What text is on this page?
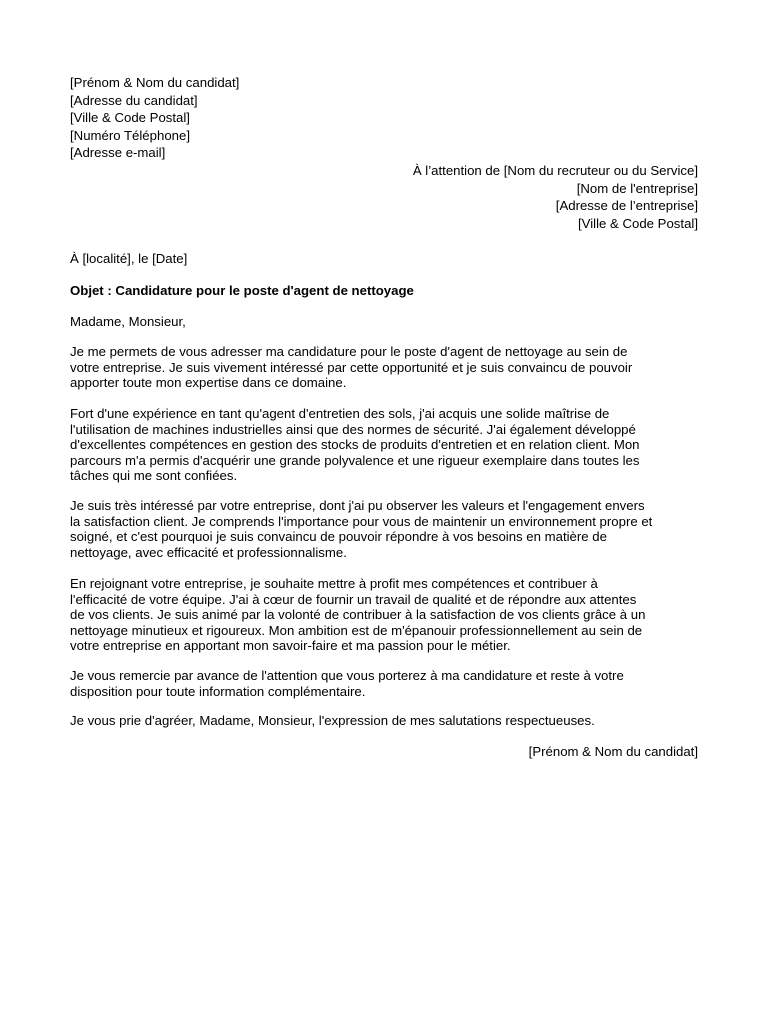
[Prénom & Nom du candidat]
[Adresse du candidat]
[Ville & Code Postal]
[Numéro Téléphone]
[Adresse e-mail]
À l’attention de [Nom du recruteur ou du Service]
[Nom de l'entreprise]
[Adresse de l’entreprise]
[Ville & Code Postal]
À [localité], le [Date]
Objet : Candidature pour le poste d'agent de nettoyage
Madame, Monsieur,
Je me permets de vous adresser ma candidature pour le poste d'agent de nettoyage au sein de
votre entreprise. Je suis vivement intéressé par cette opportunité et je suis convaincu de pouvoir
apporter toute mon expertise dans ce domaine.
Fort d'une expérience en tant qu'agent d'entretien des sols, j'ai acquis une solide maîtrise de
l'utilisation de machines industrielles ainsi que des normes de sécurité. J'ai également développé
d'excellentes compétences en gestion des stocks de produits d'entretien et en relation client. Mon
parcours m'a permis d'acquérir une grande polyvalence et une rigueur exemplaire dans toutes les
tâches qui me sont confiées.
Je suis très intéressé par votre entreprise, dont j'ai pu observer les valeurs et l'engagement envers
la satisfaction client. Je comprends l'importance pour vous de maintenir un environnement propre et
soigné, et c'est pourquoi je suis convaincu de pouvoir répondre à vos besoins en matière de
nettoyage, avec efficacité et professionnalisme.
En rejoignant votre entreprise, je souhaite mettre à profit mes compétences et contribuer à
l'efficacité de votre équipe. J'ai à cœur de fournir un travail de qualité et de répondre aux attentes
de vos clients. Je suis animé par la volonté de contribuer à la satisfaction de vos clients grâce à un
nettoyage minutieux et rigoureux. Mon ambition est de m'épanouir professionnellement au sein de
votre entreprise en apportant mon savoir-faire et ma passion pour le métier.
Je vous remercie par avance de l'attention que vous porterez à ma candidature et reste à votre
disposition pour toute information complémentaire.
Je vous prie d'agréer, Madame, Monsieur, l'expression de mes salutations respectueuses.
[Prénom & Nom du candidat]
